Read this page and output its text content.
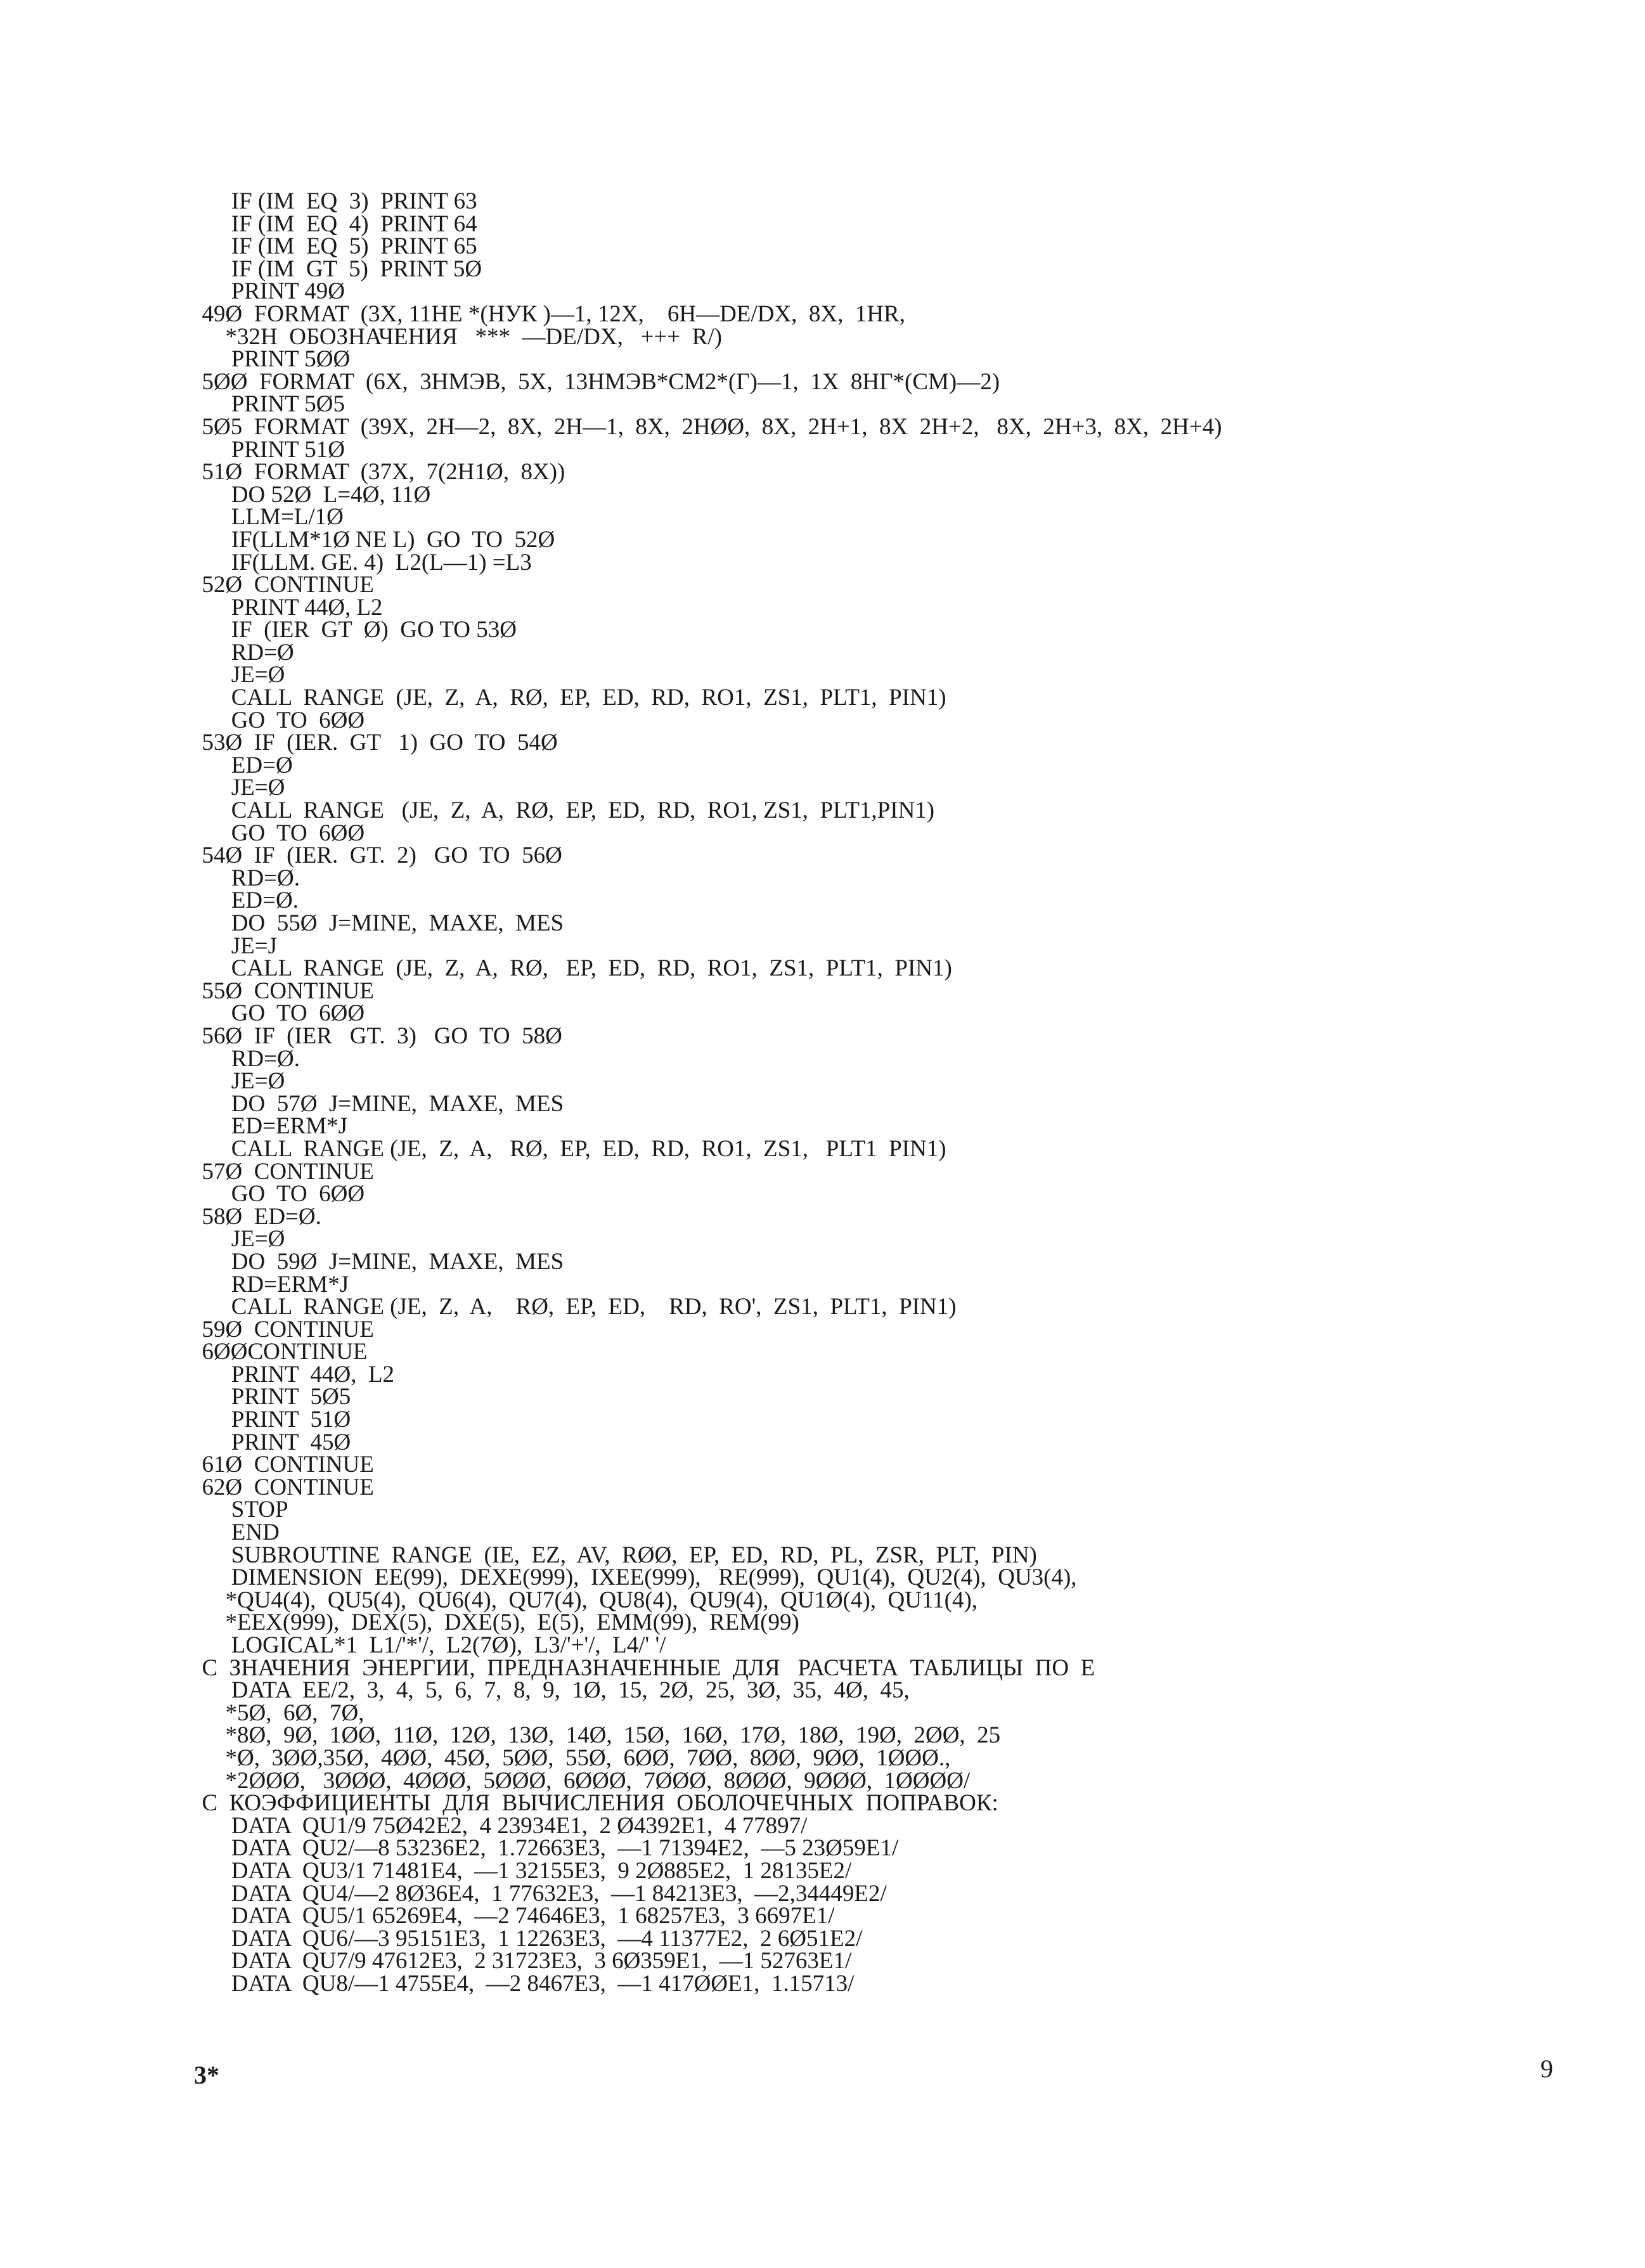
IF (IM  EQ  3)  PRINT 63
IF (IM  EQ  4)  PRINT 64
IF (IM  EQ  5)  PRINT 65
IF (IM  GT  5)  PRINT 5Ø
PRINT 49Ø
49Ø  FORMAT  (3X, 11HE *(НУК )—1, 12X,    6H—DE/DX,  8X,  1HR,
*32H  ОБОЗНАЧЕНИЯ   ***  —DE/DX,   +++  R/)
PRINT 5ØØ
5ØØ  FORMAT  (6X,  3НМЭВ,  5X,  13НМЭВ*СМ2*(Г)—1,  1X  8НГ*(СМ)—2)
PRINT 5Ø5
5Ø5  FORMAT  (39X,  2H—2,  8X,  2H—1,  8X,  2HØØ,  8X,  2H+1,  8X  2H+2,   8X,  2H+3,  8X,  2H+4)
PRINT 51Ø
51Ø  FORMAT  (37X,  7(2H1Ø,  8X))
DO 52Ø  L=4Ø, 11Ø
LLM=L/1Ø
IF(LLM*1Ø NE L)  GO  TO  52Ø
IF(LLM. GE. 4)  L2(L—1) =L3
52Ø  CONTINUE
PRINT 44Ø, L2
IF  (IER  GT  Ø)  GO TO 53Ø
RD=Ø
JE=Ø
CALL  RANGE  (JE,  Z,  A,  RØ,  EP,  ED,  RD,  RO1,  ZS1,  PLT1,  PIN1)
GO  TO  6ØØ
53Ø  IF  (IER.  GT   1)  GO  TO  54Ø
ED=Ø
JE=Ø
CALL  RANGE   (JE,  Z,  A,  RØ,  EP,  ED,  RD,  RO1, ZS1,  PLT1,PIN1)
GO  TO  6ØØ
54Ø  IF  (IER.  GT.  2)   GO  TO  56Ø
RD=Ø.
ED=Ø.
DO  55Ø  J=MINE,  MAXE,  MES
JE=J
CALL  RANGE  (JE,  Z,  A,  RØ,   EP,  ED,  RD,  RO1,  ZS1,  PLT1,  PIN1)
55Ø  CONTINUE
GO  TO  6ØØ
56Ø  IF  (IER   GT.  3)   GO  TO  58Ø
RD=Ø.
JE=Ø
DO  57Ø  J=MINE,  MAXE,  MES
ED=ERM*J
CALL  RANGE (JE,  Z,  A,   RØ,  EP,  ED,  RD,  RO1,  ZS1,   PLT1  PIN1)
57Ø  CONTINUE
GO  TO  6ØØ
58Ø  ED=Ø.
JE=Ø
DO  59Ø  J=MINE,  MAXE,  MES
RD=ERM*J
CALL  RANGE (JE,  Z,  A,    RØ,  EP,  ED,    RD,  RO',  ZS1,  PLT1,  PIN1)
59Ø  CONTINUE
6ØØCONTINUE
PRINT  44Ø,  L2
PRINT  5Ø5
PRINT  51Ø
PRINT  45Ø
61Ø  CONTINUE
62Ø  CONTINUE
STOP
END
SUBROUTINE  RANGE  (IE,  EZ,  AV,  RØØ,  EP,  ED,  RD,  PL,  ZSR,  PLT,  PIN)
DIMENSION  EE(99),  DEXE(999),  IXEE(999),   RE(999),  QU1(4),  QU2(4),  QU3(4),
*QU4(4),  QU5(4),  QU6(4),  QU7(4),  QU8(4),  QU9(4),  QU1Ø(4),  QU11(4),
*EEX(999),  DEX(5),  DXE(5),  E(5),  EMM(99),  REM(99)
LOGICAL*1  L1/'*'/,  L2(7Ø),  L3/'+'/,  L4/' '/
С  ЗНАЧЕНИЯ  ЭНЕРГИИ,  ПРЕДНАЗНАЧЕННЫЕ  ДЛЯ   РАСЧЕТА  ТАБЛИЦЫ  ПО  Е
DATA  EE/2,  3,  4,  5,  6,  7,  8,  9,  1Ø,  15,  2Ø,  25,  3Ø,  35,  4Ø,  45,
*5Ø,  6Ø,  7Ø,
*8Ø,  9Ø,  1ØØ,  11Ø,  12Ø,  13Ø,  14Ø,  15Ø,  16Ø,  17Ø,  18Ø,  19Ø,  2ØØ,  25
*Ø,  3ØØ,35Ø,  4ØØ,  45Ø,  5ØØ,  55Ø,  6ØØ,  7ØØ,  8ØØ,  9ØØ,  1ØØØ.,
*2ØØØ,   3ØØØ,  4ØØØ,  5ØØØ,  6ØØØ,  7ØØØ,  8ØØØ,  9ØØØ,  1ØØØØ/
С  КОЭФФИЦИЕНТЫ  ДЛЯ  ВЫЧИСЛЕНИЯ  ОБОЛОЧЕЧНЫХ  ПОПРАВОК:
DATA  QU1/9 75Ø42E2,  4 23934E1,  2 Ø4392E1,  4 77897/
DATA  QU2/—8 53236E2,  1.72663E3,  —1 71394E2,  —5 23Ø59E1/
DATA  QU3/1 71481E4,  —1 32155E3,  9 2Ø885E2,  1 28135E2/
DATA  QU4/—2 8Ø36E4,  1 77632E3,  —1 84213E3,  —2,34449E2/
DATA  QU5/1 65269E4,  —2 74646E3,  1 68257E3,  3 6697E1/
DATA  QU6/—3 95151E3,  1 12263E3,  —4 11377E2,  2 6Ø51E2/
DATA  QU7/9 47612E3,  2 31723E3,  3 6Ø359E1,  —1 52763E1/
DATA  QU8/—1 4755E4,  —2 8467E3,  —1 417ØØE1,  1.15713/
3*	9
